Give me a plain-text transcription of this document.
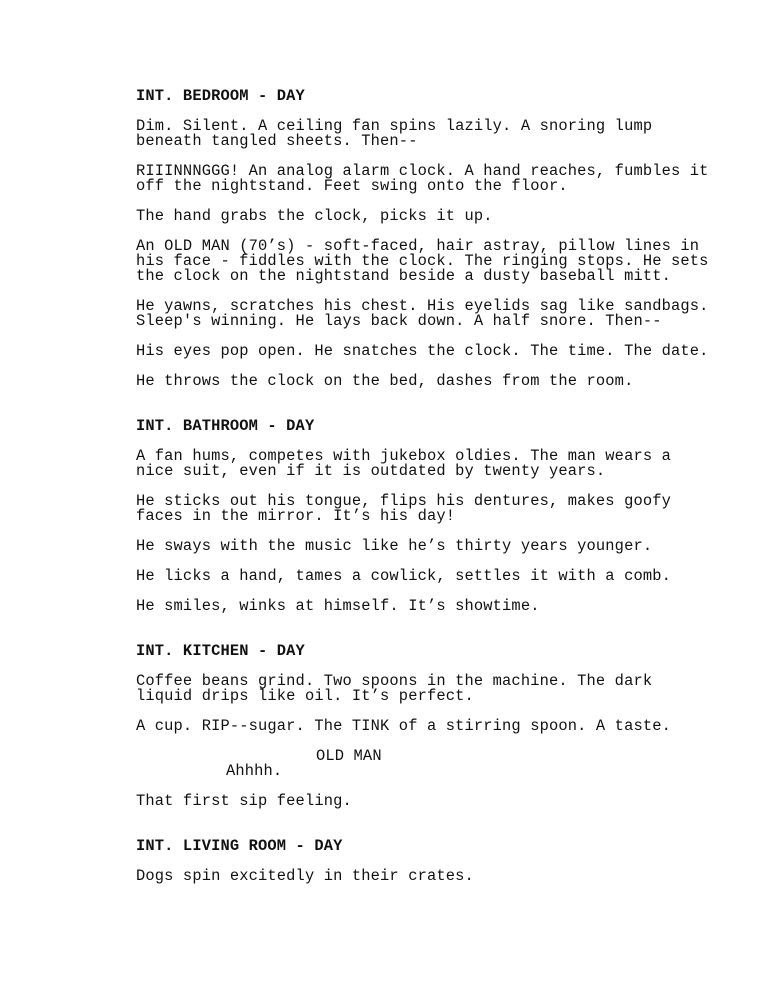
INT. BEDROOM - DAY
Dim. Silent. A ceiling fan spins lazily. A snoring lump
beneath tangled sheets. Then--
RIIINNNGGG! An analog alarm clock. A hand reaches, fumbles it
off the nightstand. Feet swing onto the floor.
The hand grabs the clock, picks it up.
An OLD MAN (70’s) - soft-faced, hair astray, pillow lines in
his face - fiddles with the clock. The ringing stops. He sets
the clock on the nightstand beside a dusty baseball mitt.
He yawns, scratches his chest. His eyelids sag like sandbags.
Sleep's winning. He lays back down. A half snore. Then--
His eyes pop open. He snatches the clock. The time. The date.
He throws the clock on the bed, dashes from the room.
INT. BATHROOM - DAY
A fan hums, competes with jukebox oldies. The man wears a
nice suit, even if it is outdated by twenty years.
He sticks out his tongue, flips his dentures, makes goofy
faces in the mirror. It’s his day!
He sways with the music like he’s thirty years younger.
He licks a hand, tames a cowlick, settles it with a comb.
He smiles, winks at himself. It’s showtime.
INT. KITCHEN - DAY
Coffee beans grind. Two spoons in the machine. The dark
liquid drips like oil. It’s perfect.
A cup. RIP--sugar. The TINK of a stirring spoon. A taste.
OLD MAN
Ahhhh.
That first sip feeling.
INT. LIVING ROOM - DAY
Dogs spin excitedly in their crates.
